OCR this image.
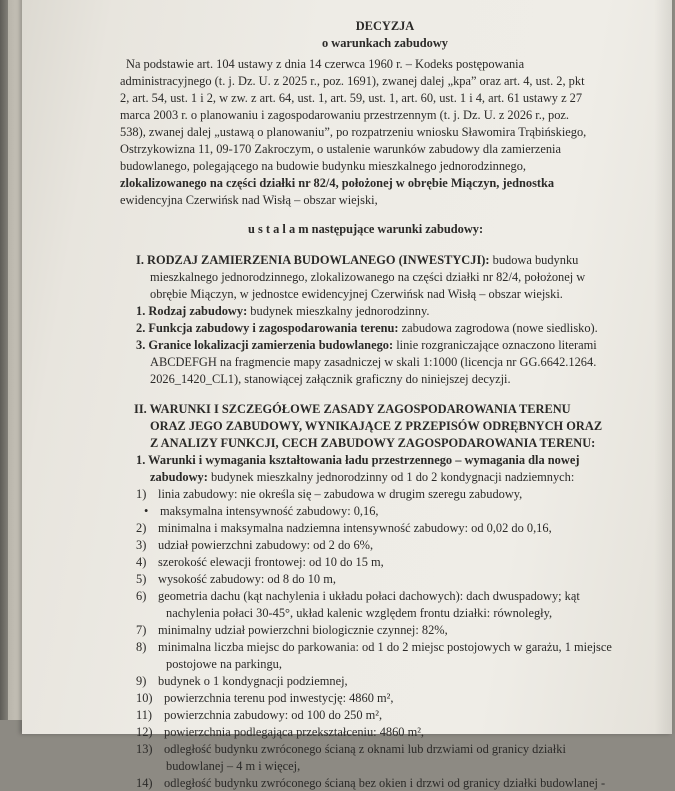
DECYZJA
o warunkach zabudowy
Na podstawie art. 104 ustawy z dnia 14 czerwca 1960 r. – Kodeks postępowania
administracyjnego (t. j. Dz. U. z 2025 r., poz. 1691), zwanej dalej „kpa” oraz art. 4, ust. 2, pkt
2, art. 54, ust. 1 i 2, w zw. z art. 64, ust. 1, art. 59, ust. 1, art. 60, ust. 1 i 4, art. 61 ustawy z 27
marca 2003 r. o planowaniu i zagospodarowaniu przestrzennym (t. j. Dz. U. z 2026 r., poz.
538), zwanej dalej „ustawą o planowaniu”, po rozpatrzeniu wniosku Sławomira Trąbińskiego,
Ostrzykowizna 11, 09-170 Zakroczym, o ustalenie warunków zabudowy dla zamierzenia
budowlanego, polegającego na budowie budynku mieszkalnego jednorodzinnego,
zlokalizowanego na części działki nr 82/4, położonej w obrębie Miączyn, jednostka
ewidencyjna Czerwińsk nad Wisłą – obszar wiejski,
u s t a l a m następujące warunki zabudowy:
I. RODZAJ ZAMIERZENIA BUDOWLANEGO (INWESTYCJI): budowa budynku
mieszkalnego jednorodzinnego, zlokalizowanego na części działki nr 82/4, położonej w
obrębie Miączyn, w jednostce ewidencyjnej Czerwińsk nad Wisłą – obszar wiejski.
1. Rodzaj zabudowy: budynek mieszkalny jednorodzinny.
2. Funkcja zabudowy i zagospodarowania terenu: zabudowa zagrodowa (nowe siedlisko).
3. Granice lokalizacji zamierzenia budowlanego: linie rozgraniczające oznaczono literami
ABCDEFGH na fragmencie mapy zasadniczej w skali 1:1000 (licencja nr GG.6642.1264.
2026_1420_CL1), stanowiącej załącznik graficzny do niniejszej decyzji.
II. WARUNKI I SZCZEGÓŁOWE ZASADY ZAGOSPODAROWANIA TERENU
ORAZ JEGO ZABUDOWY, WYNIKAJĄCE Z PRZEPISÓW ODRĘBNYCH ORAZ
Z ANALIZY FUNKCJI, CECH ZABUDOWY ZAGOSPODAROWANIA TERENU:
1. Warunki i wymagania kształtowania ładu przestrzennego – wymagania dla nowej
zabudowy: budynek mieszkalny jednorodzinny od 1 do 2 kondygnacji nadziemnych:
1) linia zabudowy: nie określa się – zabudowa w drugim szeregu zabudowy,
• maksymalna intensywność zabudowy: 0,16,
2) minimalna i maksymalna nadziemna intensywność zabudowy: od 0,02 do 0,16,
3) udział powierzchni zabudowy: od 2 do 6%,
4) szerokość elewacji frontowej: od 10 do 15 m,
5) wysokość zabudowy: od 8 do 10 m,
6) geometria dachu (kąt nachylenia i układu połaci dachowych): dach dwuspadowy; kąt
nachylenia połaci 30-45°, układ kalenic względem frontu działki: równoległy,
7) minimalny udział powierzchni biologicznie czynnej: 82%,
8) minimalna liczba miejsc do parkowania: od 1 do 2 miejsc postojowych w garażu, 1 miejsce
postojowe na parkingu,
9) budynek o 1 kondygnacji podziemnej,
10) powierzchnia terenu pod inwestycję: 4860 m²,
11) powierzchnia zabudowy: od 100 do 250 m²,
12) powierzchnia podlegająca przekształceniu: 4860 m²,
13) odległość budynku zwróconego ścianą z oknami lub drzwiami od granicy działki
budowlanej – 4 m i więcej,
14) odległość budynku zwróconego ścianą bez okien i drzwi od granicy działki budowlanej -
